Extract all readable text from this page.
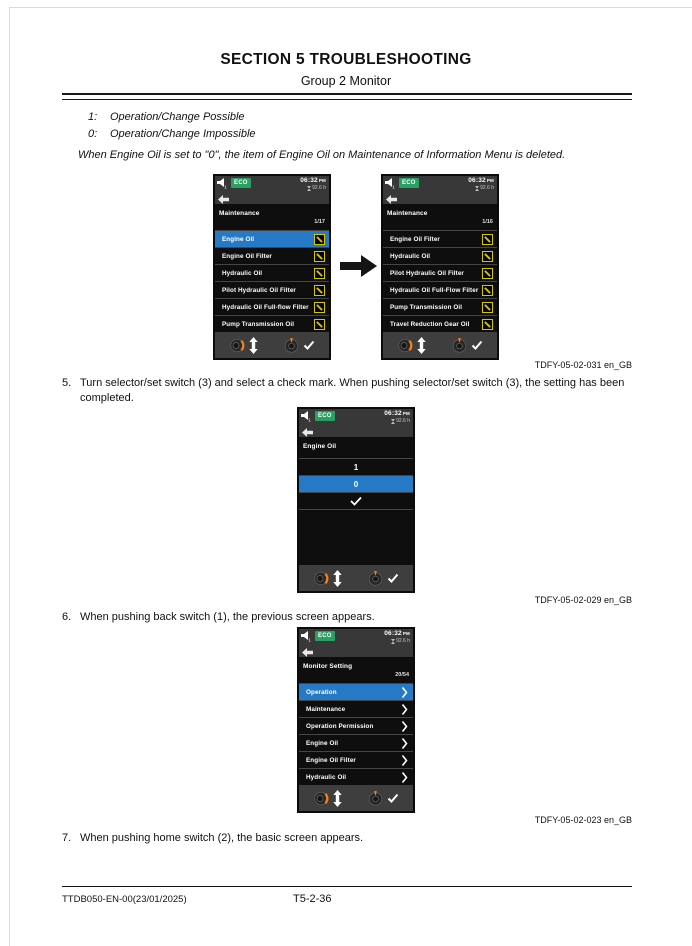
SECTION 5 TROUBLESHOOTING
Group 2 Monitor
1: Operation/Change Possible
0: Operation/Change Impossible
When Engine Oil is set to "0", the item of Engine Oil on Maintenance of Information Menu is deleted.
1
ECO	06:32PM
92.6 h
Maintenance
1/17
Engine Oil
Engine Oil Filter
Hydraulic Oil
Pilot Hydraulic Oil Filter
Hydraulic Oil Full-flow Filter
Pump Transmission Oil
1
ECO	06:32PM
92.6 h
Maintenance
1/16
Engine Oil Filter
Hydraulic Oil
Pilot Hydraulic Oil Filter
Hydraulic Oil Full-Flow Filter
Pump Transmission Oil
Travel Reduction Gear Oil
TDFY-05-02-031 en_GB
5. Turn selector/set switch (3) and select a check mark. When pushing selector/set switch (3), the setting has been completed.
1
ECO	06:32PM
92.6 h
Engine Oil
1
0
TDFY-05-02-029 en_GB
6. When pushing back switch (1), the previous screen appears.
1
ECO	06:32PM
92.6 h
Monitor Setting
20/54
Operation
Maintenance
Operation Permission
Engine Oil
Engine Oil Filter
Hydraulic Oil
TDFY-05-02-023 en_GB
7. When pushing home switch (2), the basic screen appears.
TTDB050-EN-00(23/01/2025)	T5-2-36
